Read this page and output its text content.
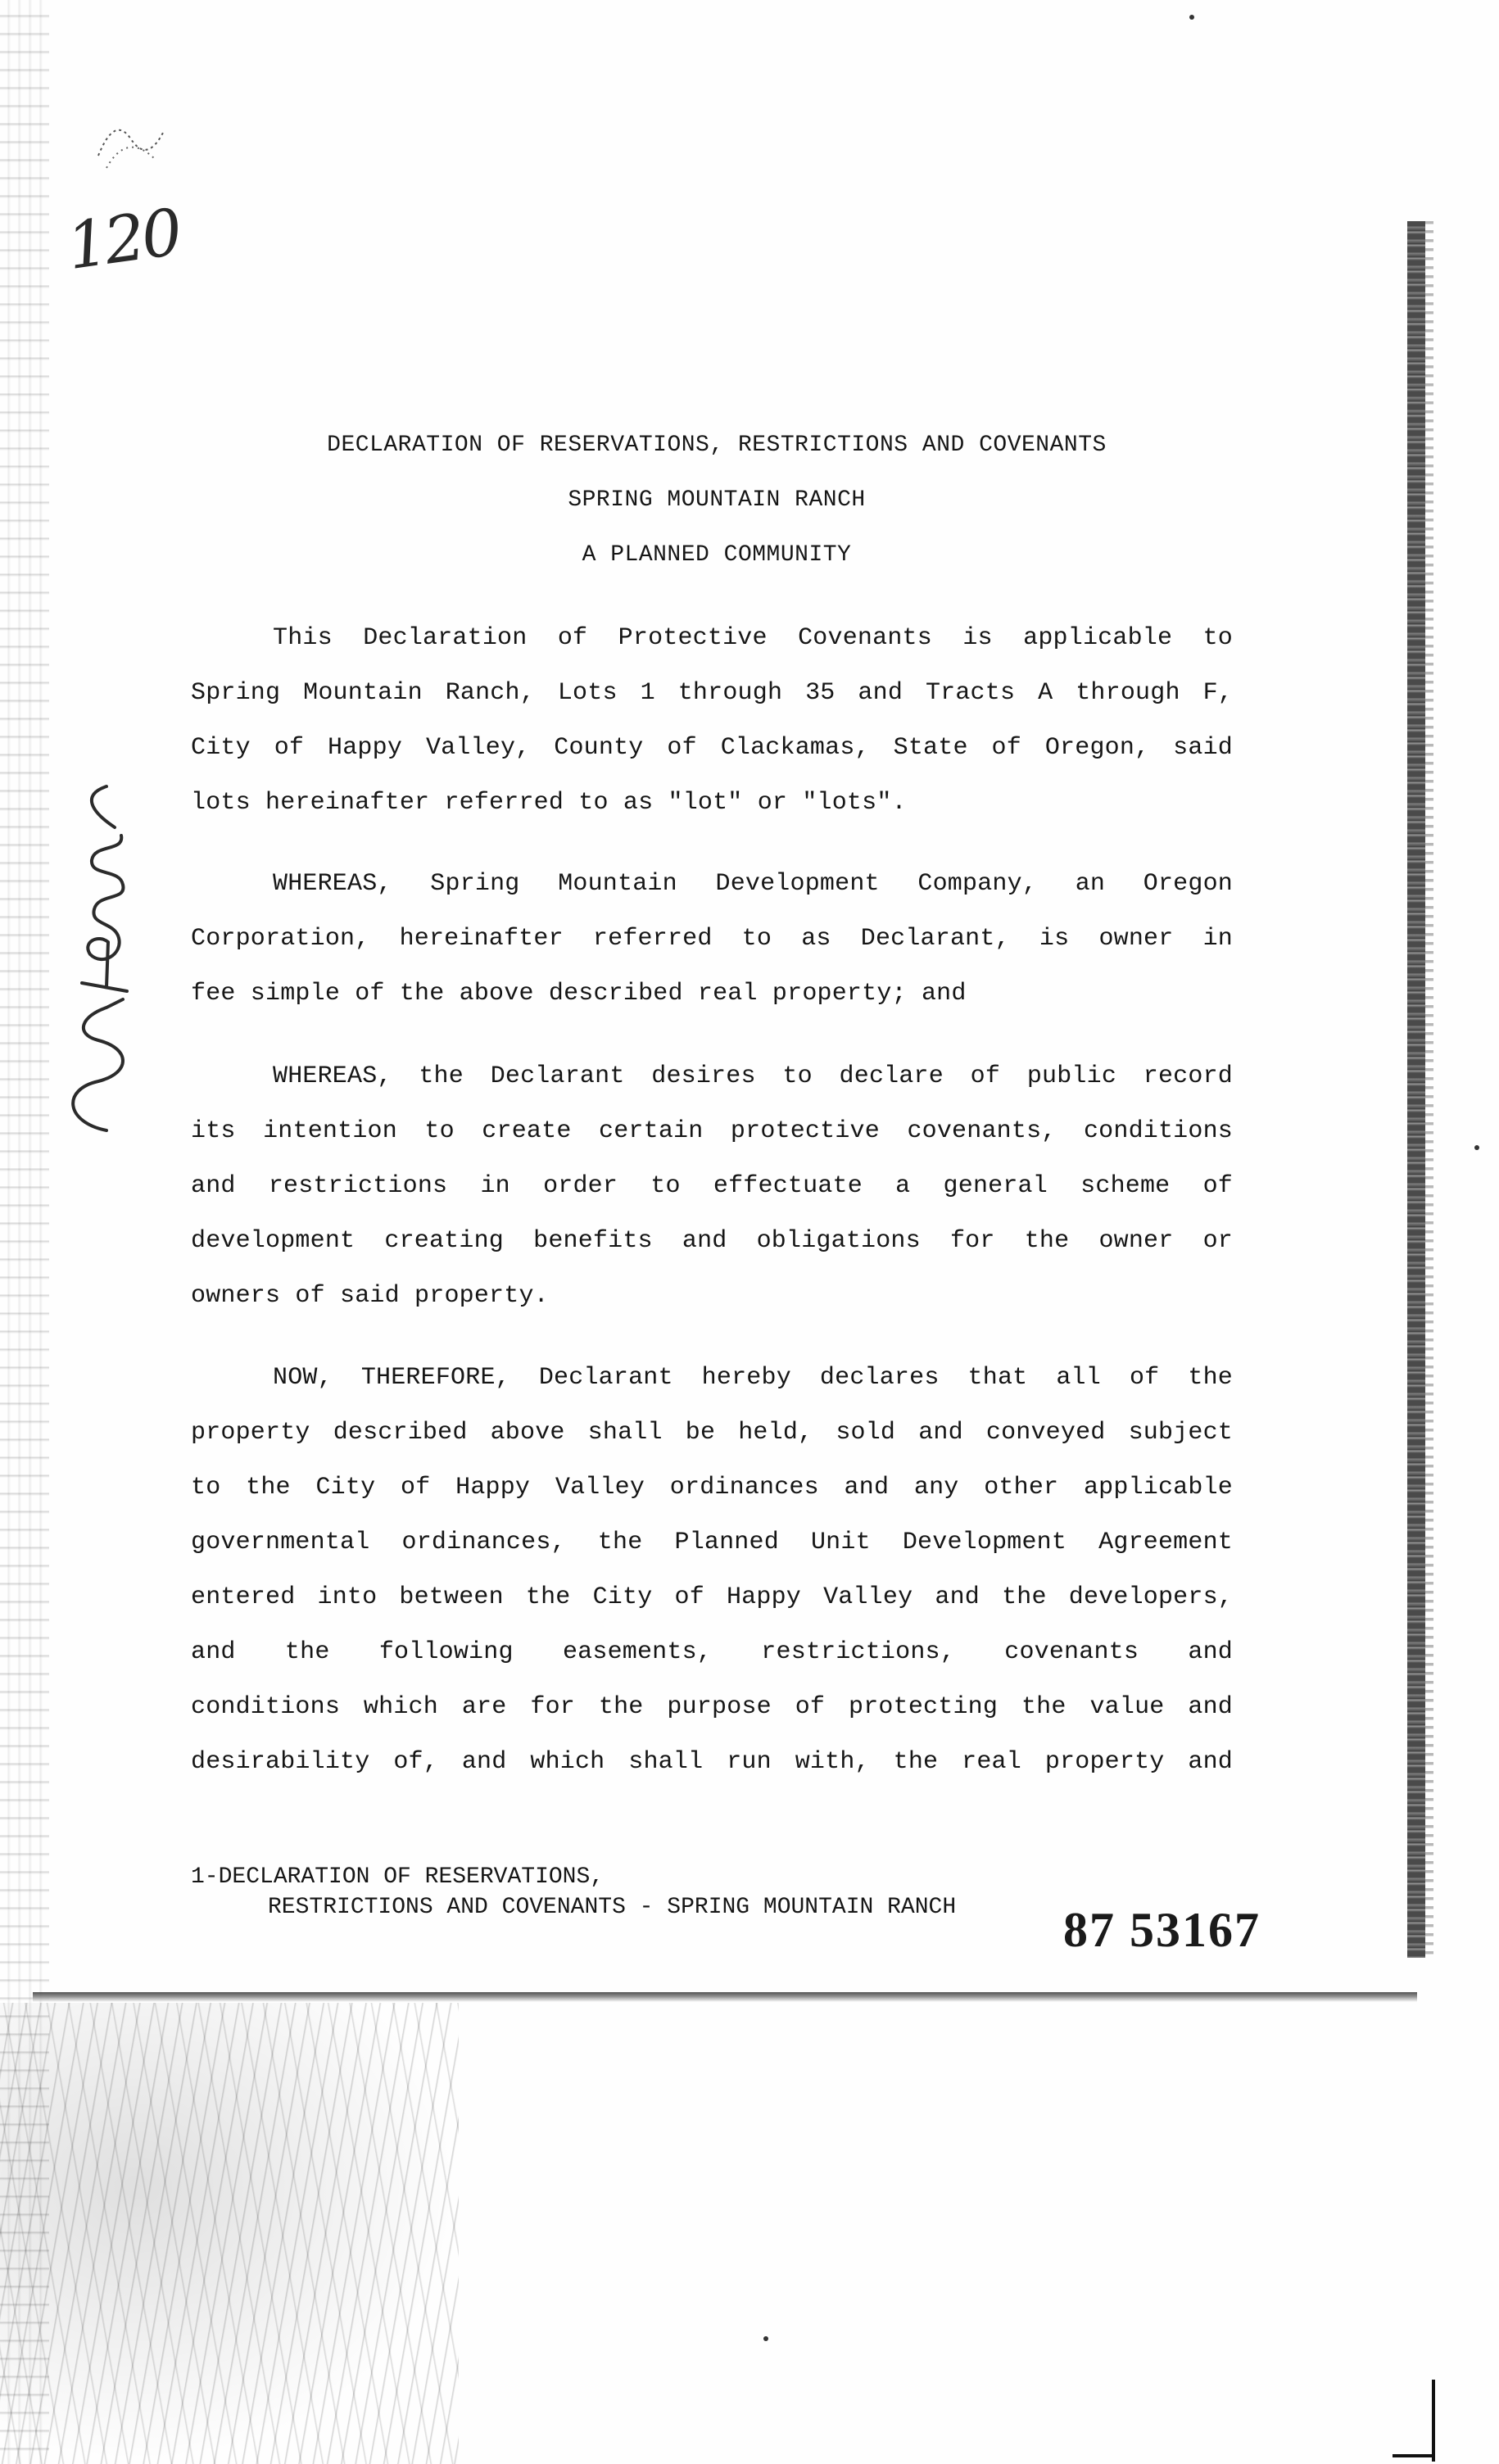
120
DECLARATION OF RESERVATIONS, RESTRICTIONS AND COVENANTS
SPRING MOUNTAIN RANCH
A PLANNED COMMUNITY
This Declaration of Protective Covenants is applicable to
Spring Mountain Ranch, Lots 1 through 35 and Tracts A through F,
City of Happy Valley, County of Clackamas, State of Oregon, said
lots hereinafter referred to as "lot" or "lots".
WHEREAS, Spring Mountain Development Company, an Oregon
Corporation, hereinafter referred to as Declarant, is owner in
fee simple of the above described real property; and
WHEREAS, the Declarant desires to declare of public record
its intention to create certain protective covenants, conditions
and restrictions in order to effectuate a general scheme of
development creating benefits and obligations for the owner or
owners of said property.
NOW, THEREFORE, Declarant hereby declares that all of the
property described above shall be held, sold and conveyed subject
to the City of Happy Valley ordinances and any other applicable
governmental ordinances, the Planned Unit Development Agreement
entered into between the City of Happy Valley and the developers,
and the following easements, restrictions, covenants and
conditions which are for the purpose of protecting the value and
desirability of, and which shall run with, the real property and
1-DECLARATION OF RESERVATIONS,
RESTRICTIONS AND COVENANTS - SPRING MOUNTAIN RANCH 87 53167
